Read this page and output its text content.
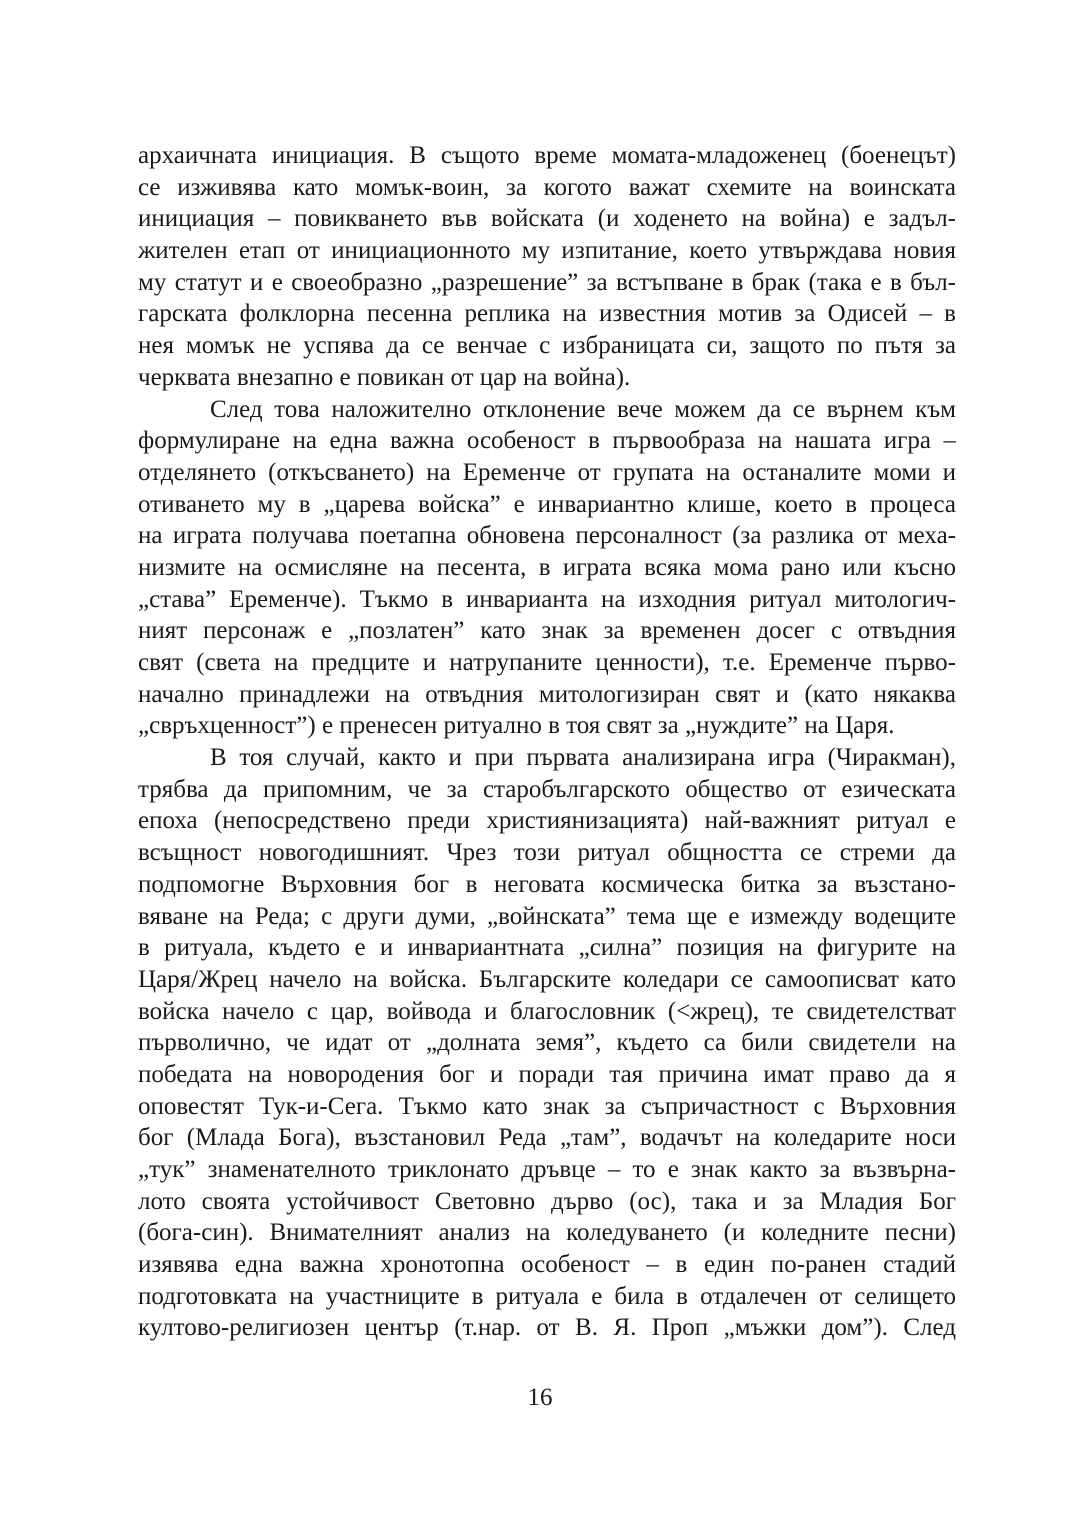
архаичната инициация. В същото време момата-младоженец (боенецът)
се изживява като момък-воин, за когото важат схемите на воинската
инициация – повикването във войската (и ходенето на война) е задъл-
жителен етап от инициационното му изпитание, което утвърждава новия
му статут и е своеобразно „разрешение” за встъпване в брак (така е в бъл-
гарската фолклорна песенна реплика на известния мотив за Одисей – в
нея момък не успява да се венчае с избраницата си, защото по пътя за
черквата внезапно е повикан от цар на война).
След това наложително отклонение вече можем да се върнем към
формулиране на една важна особеност в първообраза на нашата игра –
отделянето (откъсването) на Еременче от групата на останалите моми и
отиването му в „царева войска” е инвариантно клише, което в процеса
на играта получава поетапна обновена персоналност (за разлика от меха-
низмите на осмисляне на песента, в играта всяка мома рано или късно
„става” Еременче). Тъкмо в инварианта на изходния ритуал митологич-
ният персонаж е „позлатен” като знак за временен досег с отвъдния
свят (света на предците и натрупаните ценности), т.е. Еременче първо-
начално принадлежи на отвъдния митологизиран свят и (като някаква
„свръхценност”) е пренесен ритуално в тоя свят за „нуждите” на Царя.
В тоя случай, както и при първата анализирана игра (Чиракман),
трябва да припомним, че за старобългарското общество от езическата
епоха (непосредствено преди християнизацията) най-важният ритуал е
всъщност новогодишният. Чрез този ритуал общността се стреми да
подпомогне Върховния бог в неговата космическа битка за възстано-
вяване на Реда; с други думи, „войнската” тема ще е измежду водещите
в ритуала, където е и инвариантната „силна” позиция на фигурите на
Царя/Жрец начело на войска. Българските коледари се самоописват като
войска начело с цар, войвода и благословник (<жрец), те свидетелстват
първолично, че идат от „долната земя”, където са били свидетели на
победата на новородения бог и поради тая причина имат право да я
оповестят Тук-и-Сега. Тъкмо като знак за съпричастност с Върховния
бог (Млада Бога), възстановил Реда „там”, водачът на коледарите носи
„тук” знаменателното триклонато дръвце – то е знак както за възвърна-
лото своята устойчивост Световно дърво (ос), така и за Младия Бог
(бога-син). Внимателният анализ на коледуването (и коледните песни)
изявява една важна хронотопна особеност – в един по-ранен стадий
подготовката на участниците в ритуала е била в отдалечен от селището
култово-религиозен център (т.нар. от В. Я. Проп „мъжки дом”). След
16
